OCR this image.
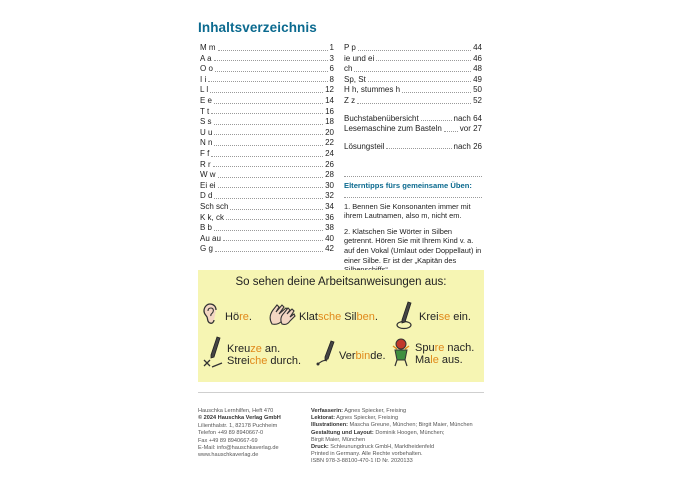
Inhaltsverzeichnis
M m	1
A a	3
O o	6
I i	8
L l	12
E e	14
T t	16
S s	18
U u	20
N n	22
F f	24
R r	26
W w	28
Ei ei	30
D d	32
Sch sch	34
K k, ck	36
B b	38
Au au	40
G g	42
P p	44
ie und ei	46
ch	48
Sp, St	49
H h, stummes h	50
Z z	52
Buchstabenübersicht	nach 64
Lesemaschine zum Basteln vor 27
Lösungsteil	nach 26
Elterntipps fürs gemeinsame Üben:

1. Bennen Sie Konsonanten immer mit ihrem Lautnamen, also m, nicht em.

2. Klatschen Sie Wörter in Silben getrennt. Hören Sie mit Ihrem Kind v. a. auf den Vokal (Umlaut oder Doppellaut) in einer Silbe. Er ist der „Kapitän des

So sehen deine Arbeitsanweisungen aus:
Höre.	Klatsche Silben.	Kreise ein.
Kreuze an.
Streiche durch.	Verbinde.
Spure nach.
Male aus.
Hauschka Lernhilfen, Heft 470
© 2024 Hauschka Verlag GmbH
Lilienthalstr. 1, 82178 Puchheim
Telefon +49 89 8940667-0
Fax +49 89 8940667-69
E-Mail: info@hauschkaverlag.de
www.hauschkaverlag.de
Verfasserin: Agnes Spiecker, Freising
Lektorat: Agnes Spiecker, Freising
Illustrationen: Mascha Greune, München; Birgit Maier, München
Gestaltung und Layout: Dominik Hoogen, München;
Birgit Maier, München
Druck: Schleunungdruck GmbH, Marktheidenfeld
Printed in Germany. Alle Rechte vorbehalten.
ISBN 978-3-88100-470-1 ID Nr. 2020133
